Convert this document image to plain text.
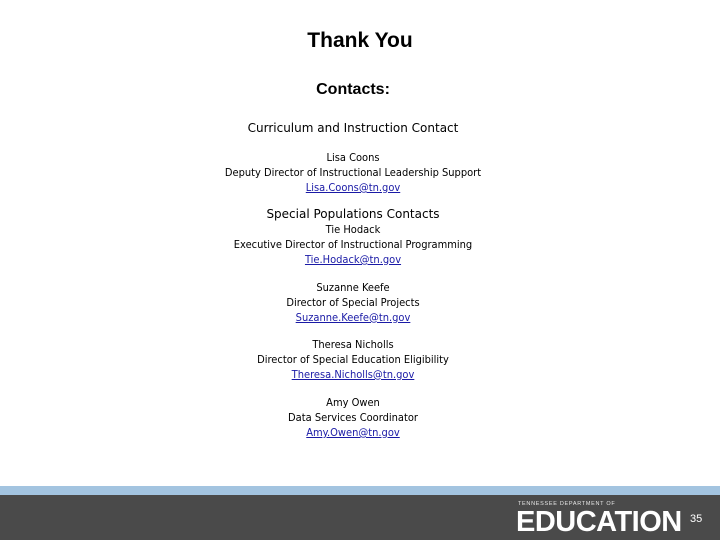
Thank You
Contacts:
Curriculum and Instruction Contact
Lisa Coons
Deputy Director of Instructional Leadership Support
Lisa.Coons@tn.gov
Special Populations Contacts
Tie Hodack
Executive Director of Instructional Programming
Tie.Hodack@tn.gov
Suzanne Keefe
Director of Special Projects
Suzanne.Keefe@tn.gov
Theresa Nicholls
Director of Special Education Eligibility
Theresa.Nicholls@tn.gov
Amy Owen
Data Services Coordinator
Amy.Owen@tn.gov
TENNESSEE DEPARTMENT OF
EDUCATION 35
